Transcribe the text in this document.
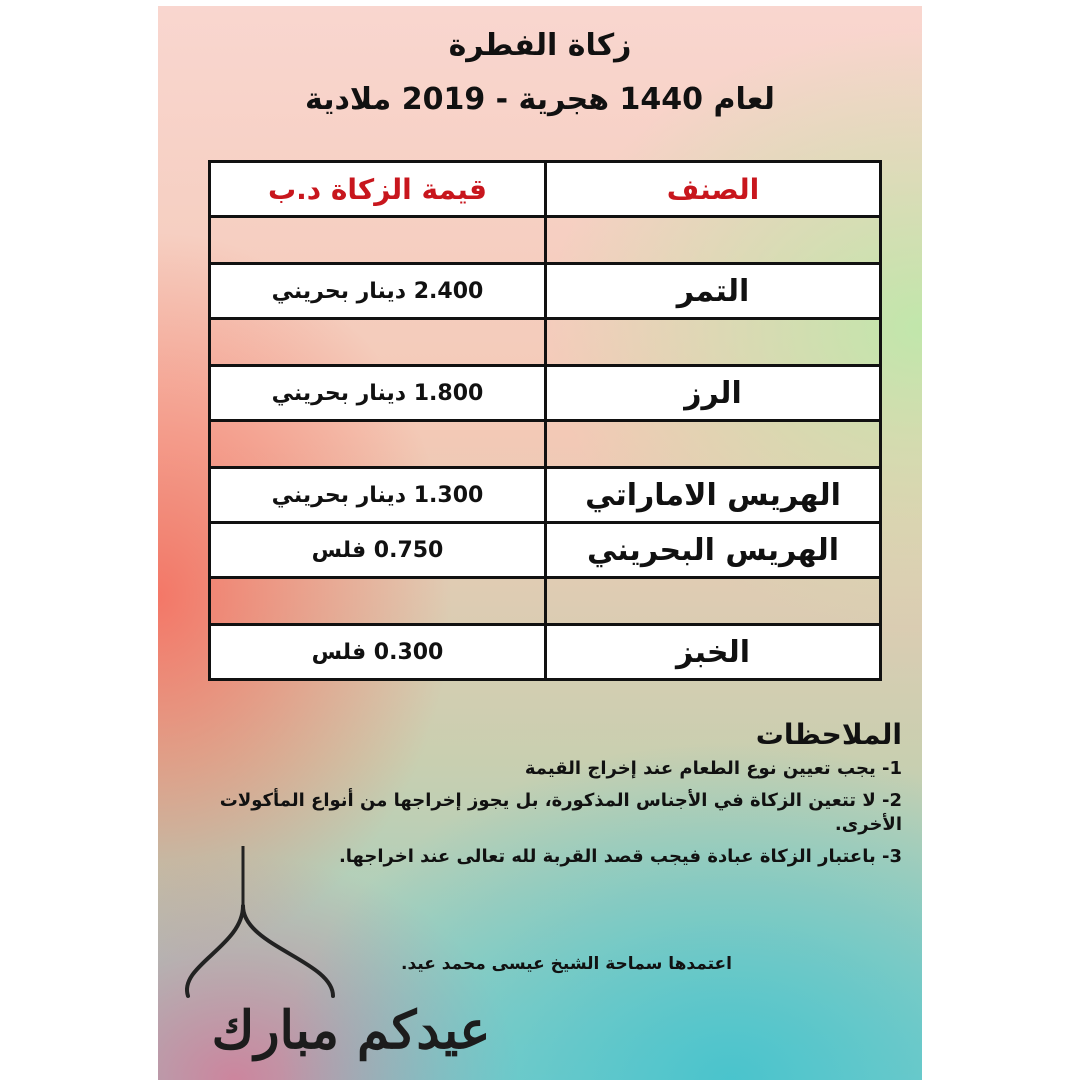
زكاة الفطرة
لعام 1440 هجرية - 2019 ملادية
الصنف	قيمة الزكاة د.ب

التمر	2.400 دينار بحريني

الرز	1.800 دينار بحريني

الهريس الاماراتي	1.300 دينار بحريني
الهريس البحريني	0.750 فلس

الخبز	0.300 فلس
الملاحظات

1- يجب تعيين نوع الطعام عند إخراج القيمة

2- لا تتعين الزكاة في الأجناس المذكورة، بل يجوز إخراجها من أنواع المأكولات الأخرى.

3- باعتبار الزكاة عبادة فيجب قصد القربة لله تعالى عند اخراجها.

اعتمدها سماحة الشيخ عيسى محمد عيد.
عيدكم مبارك
